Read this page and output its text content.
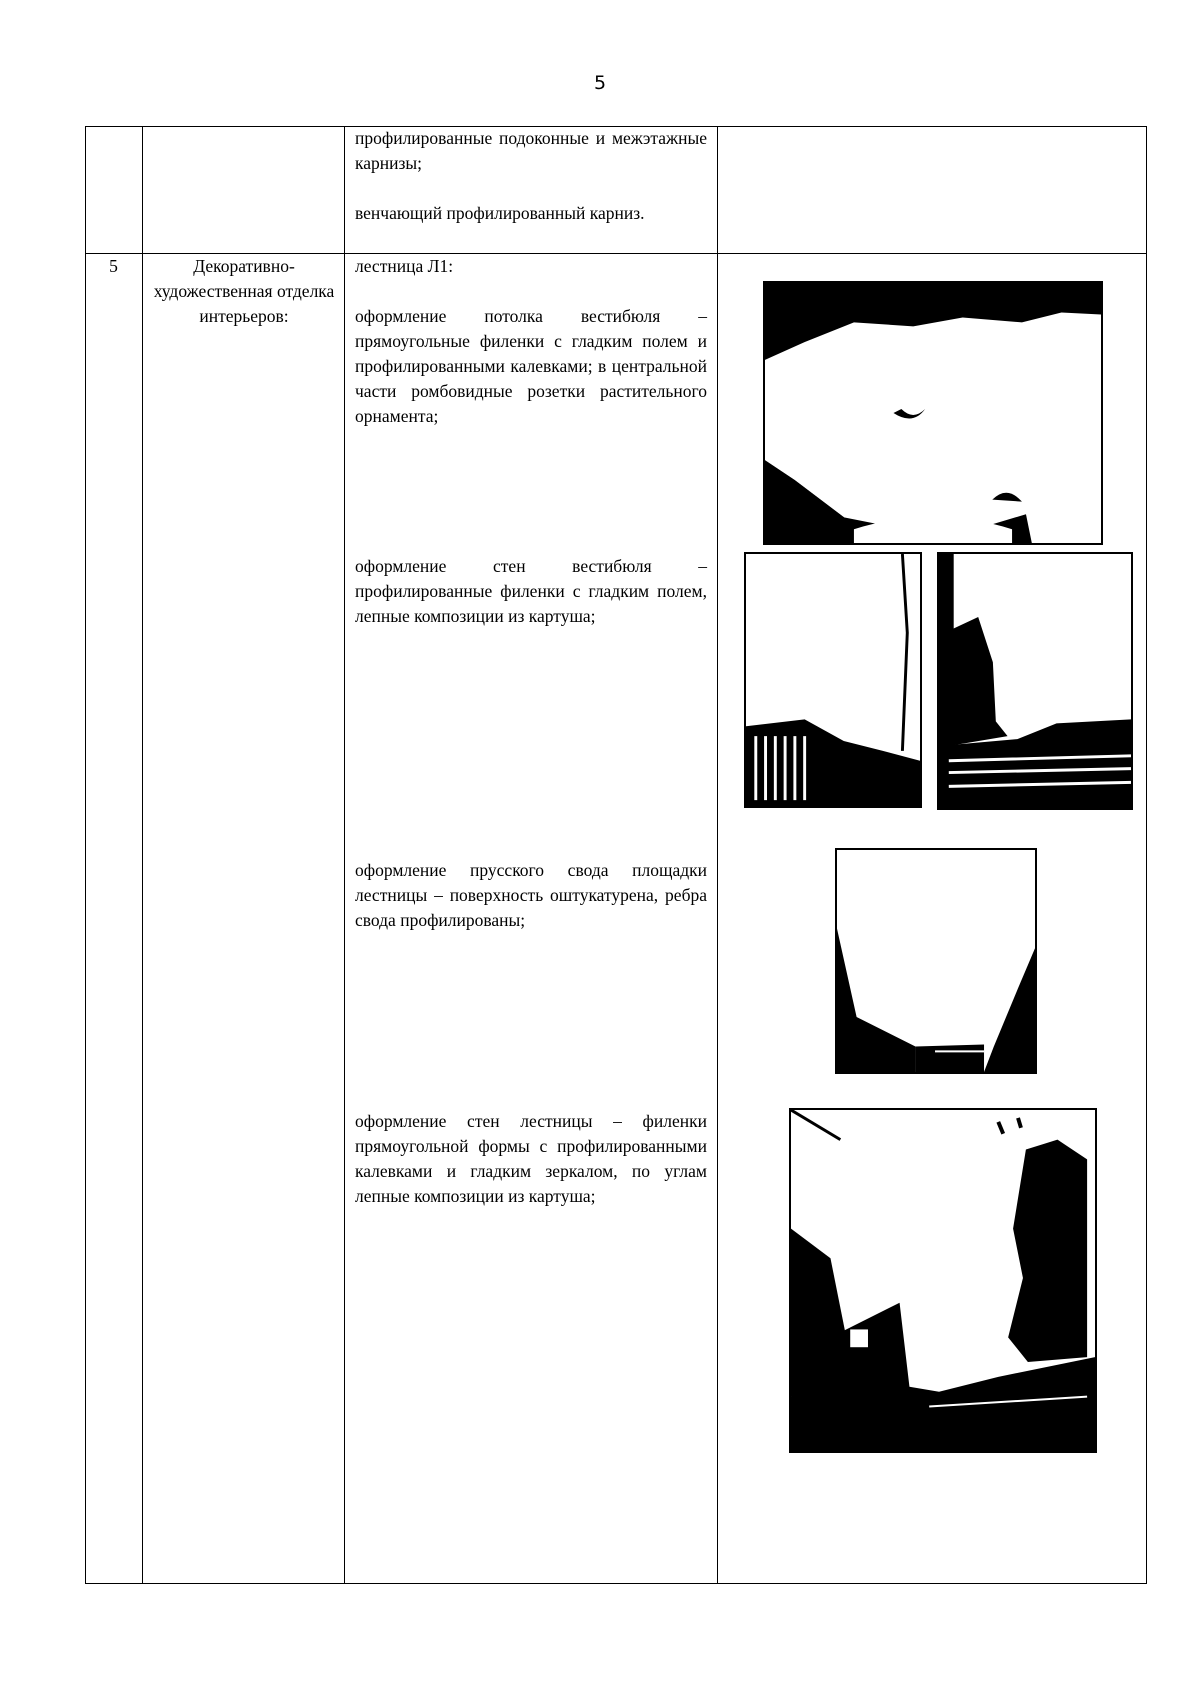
5
профилированные подоконные и межэтажные карнизы;
венчающий профилированный карниз.
5	Декоративно-художественная отделка интерьеров:
лестница Л1:
оформление потолка вестибюля – прямоугольные филенки с гладким полем и профилированными калевками; в центральной части ромбовидные розетки растительного орнамента;
оформление стен вестибюля – профилированные филенки с гладким полем, лепные композиции из картуша;
оформление прусского свода площадки лестницы – поверхность оштукатурена, ребра свода профилированы;
оформление стен лестницы – филенки прямоугольной формы с профилированными калевками и гладким зеркалом, по углам лепные композиции из картуша;
